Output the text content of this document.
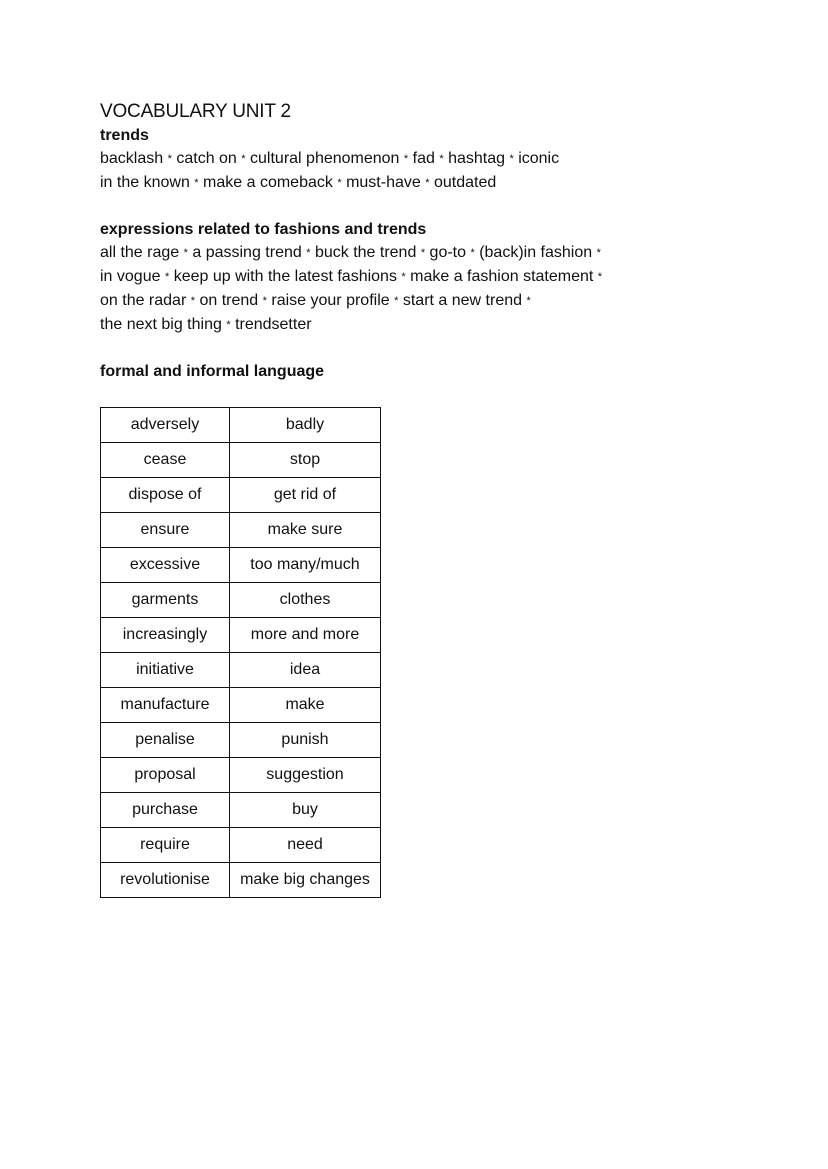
VOCABULARY UNIT 2

trends

backlash * catch on * cultural phenomenon * fad * hashtag * iconic

in the known * make a comeback * must-have * outdated

expressions related to fashions and trends

all the rage * a passing trend * buck the trend * go-to * (back)in fashion *

in vogue * keep up with the latest fashions * make a fashion statement *

on the radar * on trend * raise your profile * start a new trend *

the next big thing * trendsetter

formal and informal language

adversely	badly
cease	stop
dispose of	get rid of
ensure	make sure
excessive	too many/much
garments	clothes
increasingly	more and more
initiative	idea
manufacture	make
penalise	punish
proposal	suggestion
purchase	buy
require	need
revolutionise	make big changes
